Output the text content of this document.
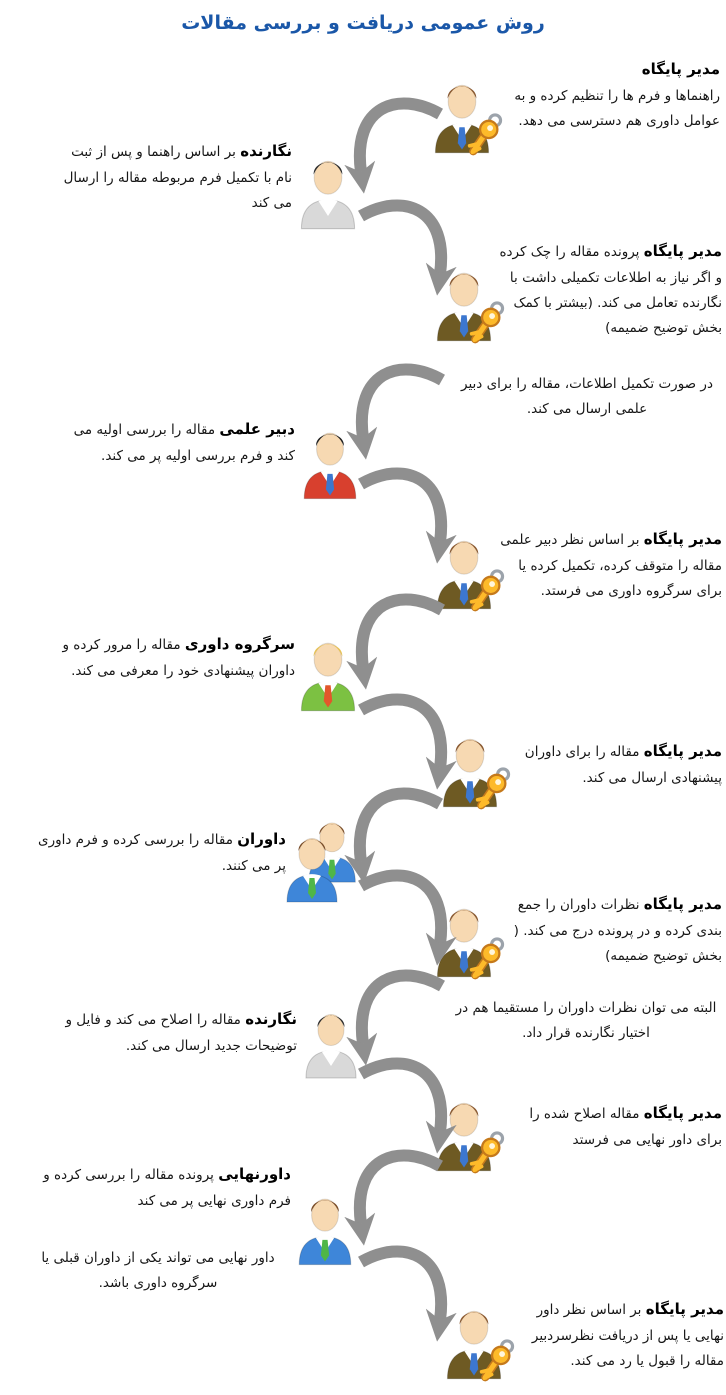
روش عمومی دریافت و بررسی مقالات
مدیر پایگاه
راهنماها و فرم ها را تنظیم کرده و به عوامل داوری هم دسترسی می دهد.
نگارنده بر اساس راهنما و پس از ثبت نام با تکمیل فرم مربوطه مقاله را ارسال می کند
مدیر پایگاه پرونده مقاله را چک کرده و اگر نیاز به اطلاعات تکمیلی داشت با نگارنده تعامل می کند. (بیشتر با کمک بخش توضیح ضمیمه)
در صورت تکمیل اطلاعات، مقاله را برای دبیر علمی ارسال می کند.
دبیر علمی مقاله را بررسی اولیه می کند و فرم بررسی اولیه پر می کند.
مدیر پایگاه بر اساس نظر دبیر علمی مقاله را متوقف کرده، تکمیل کرده یا برای سرگروه داوری می فرستد.
سرگروه داوری مقاله را مرور کرده و داوران پیشنهادی خود را معرفی می کند.
مدیر پایگاه مقاله را برای داوران پیشنهادی ارسال می کند.
داوران مقاله را بررسی کرده و فرم داوری پر می کنند.
مدیر پایگاه نظرات داوران را جمع بندی کرده و در پرونده درج می کند. ( بخش توضیح ضمیمه)
البته می توان نظرات داوران را مستقیما هم در اختیار نگارنده قرار داد.
نگارنده مقاله را اصلاح می کند و فایل و توضیحات جدید ارسال می کند.
مدیر پایگاه مقاله اصلاح شده را برای داور نهایی می فرستد
داورنهایی پرونده مقاله را بررسی کرده و فرم داوری نهایی پر می کند
داور نهایی می تواند یکی از داوران قبلی یا سرگروه داوری باشد.
مدیر پایگاه بر اساس نظر داور نهایی یا پس از دریافت نظرسردبیر مقاله را قبول یا رد می کند.
